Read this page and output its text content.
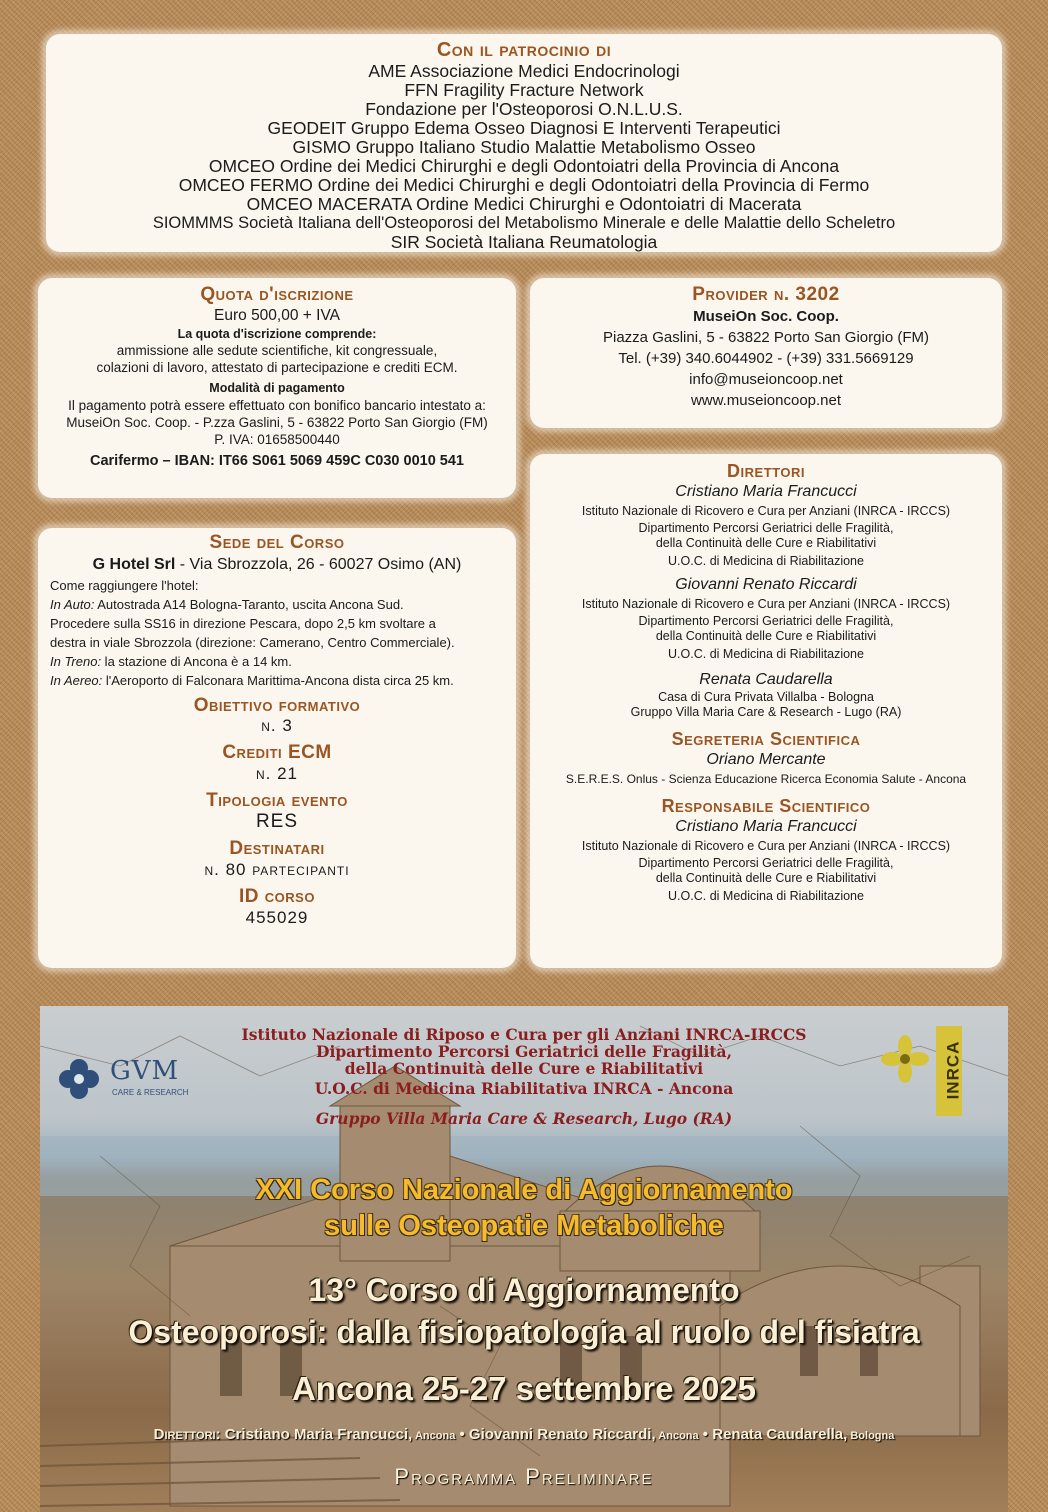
Con il patrocinio di
AME Associazione Medici Endocrinologi
FFN Fragility Fracture Network
Fondazione per l'Osteoporosi O.N.L.U.S.
GEODEIT Gruppo Edema Osseo Diagnosi E Interventi Terapeutici
GISMO Gruppo Italiano Studio Malattie Metabolismo Osseo
OMCEO Ordine dei Medici Chirurghi e degli Odontoiatri della Provincia di Ancona
OMCEO FERMO Ordine dei Medici Chirurghi e degli Odontoiatri della Provincia di Fermo
OMCEO MACERATA Ordine Medici Chirurghi e Odontoiatri di Macerata
SIOMMMS Società Italiana dell'Osteoporosi del Metabolismo Minerale e delle Malattie dello Scheletro
SIR Società Italiana Reumatologia
Quota d'iscrizione
Euro 500,00 + IVA
La quota d'iscrizione comprende:
ammissione alle sedute scientifiche, kit congressuale,
colazioni di lavoro, attestato di partecipazione e crediti ECM.
Modalità di pagamento
Il pagamento potrà essere effettuato con bonifico bancario intestato a:
MuseiOn Soc. Coop. - P.zza Gaslini, 5 - 63822 Porto San Giorgio (FM)
P. IVA: 01658500440
Carifermo – IBAN: IT66 S061 5069 459C C030 0010 541
Provider n. 3202
MuseiOn Soc. Coop.
Piazza Gaslini, 5 - 63822 Porto San Giorgio (FM)
Tel. (+39) 340.6044902 - (+39) 331.5669129
info@museioncoop.net
www.museioncoop.net
Sede del Corso
G Hotel Srl - Via Sbrozzola, 26 - 60027 Osimo (AN)
Come raggiungere l'hotel:
In Auto: Autostrada A14 Bologna-Taranto, uscita Ancona Sud.
Procedere sulla SS16 in direzione Pescara, dopo 2,5 km svoltare a
destra in viale Sbrozzola (direzione: Camerano, Centro Commerciale).
In Treno: la stazione di Ancona è a 14 km.
In Aereo: l'Aeroporto di Falconara Marittima-Ancona dista circa 25 km.
Obiettivo formativo
n. 3
Crediti ECM
n. 21
Tipologia evento
RES
Destinatari
n. 80 partecipanti
ID corso
455029
Direttori
Cristiano Maria Francucci
Istituto Nazionale di Ricovero e Cura per Anziani (INRCA - IRCCS)
Dipartimento Percorsi Geriatrici delle Fragilità,
della Continuità delle Cure e Riabilitativi
U.O.C. di Medicina di Riabilitazione
Giovanni Renato Riccardi
Istituto Nazionale di Ricovero e Cura per Anziani (INRCA - IRCCS)
Dipartimento Percorsi Geriatrici delle Fragilità,
della Continuità delle Cure e Riabilitativi
U.O.C. di Medicina di Riabilitazione
Renata Caudarella
Casa di Cura Privata Villalba - Bologna
Gruppo Villa Maria Care & Research - Lugo (RA)
Segreteria Scientifica
Oriano Mercante
S.E.R.E.S. Onlus - Scienza Educazione Ricerca Economia Salute - Ancona
Responsabile Scientifico
Cristiano Maria Francucci
Istituto Nazionale di Ricovero e Cura per Anziani (INRCA - IRCCS)
Dipartimento Percorsi Geriatrici delle Fragilità,
della Continuità delle Cure e Riabilitativi
U.O.C. di Medicina di Riabilitazione
Istituto Nazionale di Riposo e Cura per gli Anziani INRCA-IRCCS
Dipartimento Percorsi Geriatrici delle Fragilità,
della Continuità delle Cure e Riabilitativi
U.O.C. di Medicina Riabilitativa INRCA - Ancona
Gruppo Villa Maria Care & Research, Lugo (RA)
GVM
CARE & RESEARCH	INRCA
XXI Corso Nazionale di Aggiornamento
sulle Osteopatie Metaboliche
13° Corso di Aggiornamento
Osteoporosi: dalla fisiopatologia al ruolo del fisiatra
Ancona 25-27 settembre 2025
Direttori: Cristiano Maria Francucci, Ancona • Giovanni Renato Riccardi, Ancona • Renata Caudarella, Bologna
Programma Preliminare
